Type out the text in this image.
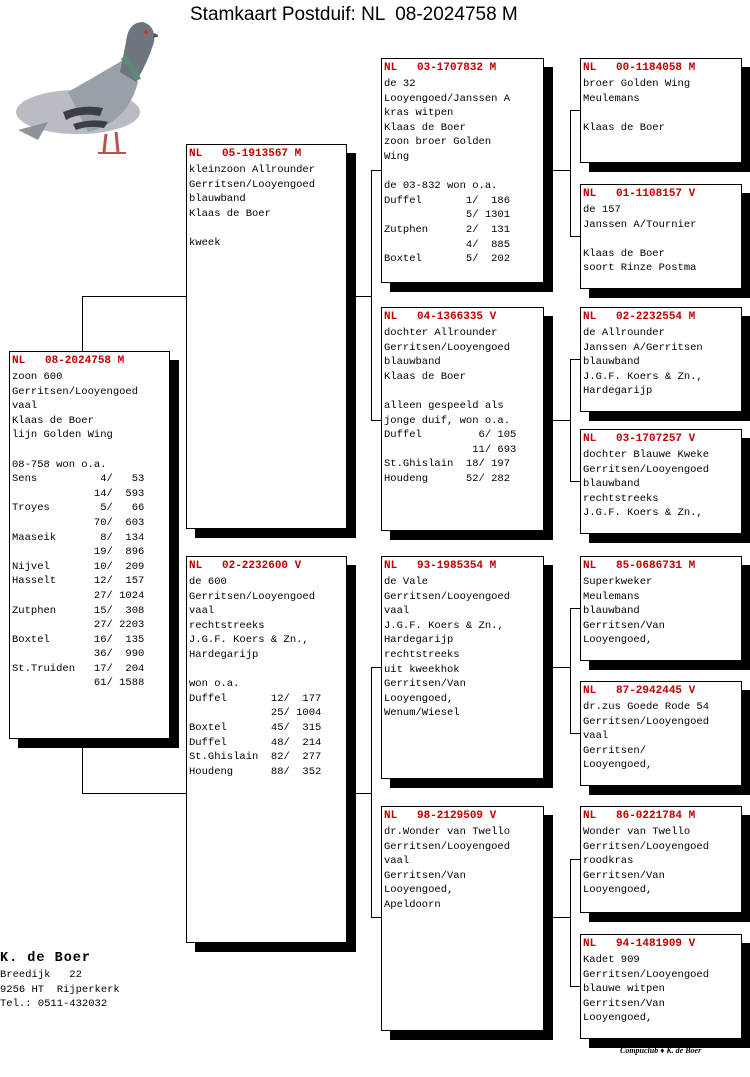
Stamkaart Postduif: NL  08-2024758 M
NL   08-2024758 M
zoon 600
Gerritsen/Looyengoed
vaal
Klaas de Boer
lijn Golden Wing

08-758 won o.a.
Sens          4/   53
14/  593
Troyes        5/   66
70/  603
Maaseik       8/  134
19/  896
Nijvel       10/  209
Hasselt      12/  157
27/ 1024
Zutphen      15/  308
27/ 2203
Boxtel       16/  135
36/  990
St.Truiden   17/  204
61/ 1588
NL   05-1913567 M
kleinzoon Allrounder
Gerritsen/Looyengoed
blauwband
Klaas de Boer

kweek
NL   02-2232600 V
de 600
Gerritsen/Looyengoed
vaal
rechtstreeks
J.G.F. Koers & Zn.,
Hardegarijp

won o.a.
Duffel       12/  177
25/ 1004
Boxtel       45/  315
Duffel       48/  214
St.Ghislain  82/  277
Houdeng      88/  352
NL   03-1707832 M
de 32
Looyengoed/Janssen A
kras witpen
Klaas de Boer
zoon broer Golden
Wing

de 03-832 won o.a.
Duffel       1/  186
5/ 1301
Zutphen      2/  131
4/  885
Boxtel       5/  202
NL   04-1366335 V
dochter Allrounder
Gerritsen/Looyengoed
blauwband
Klaas de Boer

alleen gespeeld als
jonge duif, won o.a.
Duffel         6/ 105
11/ 693
St.Ghislain  18/ 197
Houdeng      52/ 282
NL   93-1985354 M
de Vale
Gerritsen/Looyengoed
vaal
J.G.F. Koers & Zn.,
Hardegarijp
rechtstreeks
uit kweekhok
Gerritsen/Van
Looyengoed,
Wenum/Wiesel
NL   98-2129509 V
dr.Wonder van Twello
Gerritsen/Looyengoed
vaal
Gerritsen/Van
Looyengoed,
Apeldoorn
NL   00-1184058 M
broer Golden Wing
Meulemans

Klaas de Boer
NL   01-1108157 V
de 157
Janssen A/Tournier

Klaas de Boer
soort Rinze Postma
NL   02-2232554 M
de Allrounder
Janssen A/Gerritsen
blauwband
J.G.F. Koers & Zn.,
Hardegarijp
NL   03-1707257 V
dochter Blauwe Kweke
Gerritsen/Looyengoed
blauwband
rechtstreeks
J.G.F. Koers & Zn.,
NL   85-0686731 M
Superkweker
Meulemans
blauwband
Gerritsen/Van
Looyengoed,
NL   87-2942445 V
dr.zus Goede Rode 54
Gerritsen/Looyengoed
vaal
Gerritsen/
Looyengoed,
NL   86-0221784 M
Wonder van Twello
Gerritsen/Looyengoed
roodkras
Gerritsen/Van
Looyengoed,
NL   94-1481909 V
Kadet 909
Gerritsen/Looyengoed
blauwe witpen
Gerritsen/Van
Looyengoed,
K. de Boer
Breedijk   22
9256 HT  Rijperkerk
Tel.: 0511-432032
Compuclub ♦ K. de Boer
